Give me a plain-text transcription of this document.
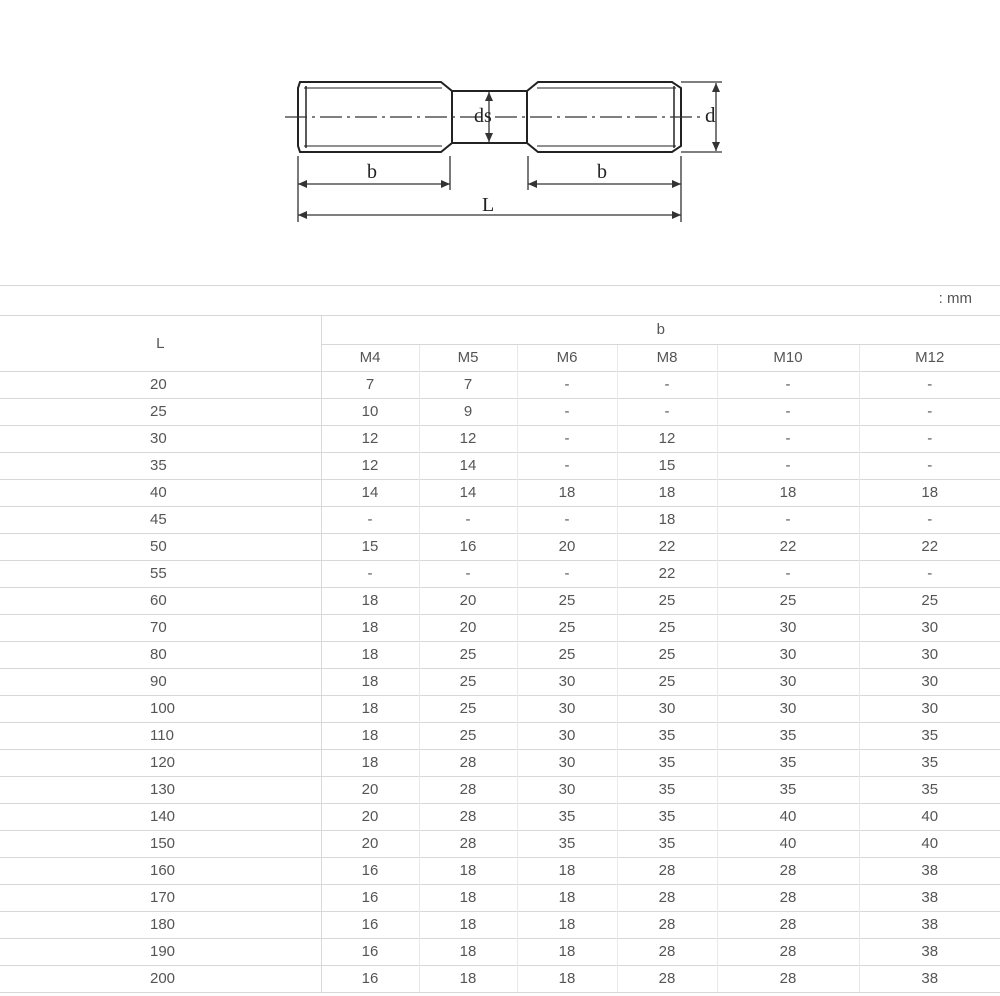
ds	d
b	b
L
: mm
L	b					
	M4	M5	M6	M8	M10	M12
20	7	7	-	-	-	-
25	10	9	-	-	-	-
30	12	12	-	12	-	-
35	12	14	-	15	-	-
40	14	14	18	18	18	18
45	-	-	-	18	-	-
50	15	16	20	22	22	22
55	-	-	-	22	-	-
60	18	20	25	25	25	25
70	18	20	25	25	30	30
80	18	25	25	25	30	30
90	18	25	30	25	30	30
100	18	25	30	30	30	30
110	18	25	30	35	35	35
120	18	28	30	35	35	35
130	20	28	30	35	35	35
140	20	28	35	35	40	40
150	20	28	35	35	40	40
160	16	18	18	28	28	38
170	16	18	18	28	28	38
180	16	18	18	28	28	38
190	16	18	18	28	28	38
200	16	18	18	28	28	38
